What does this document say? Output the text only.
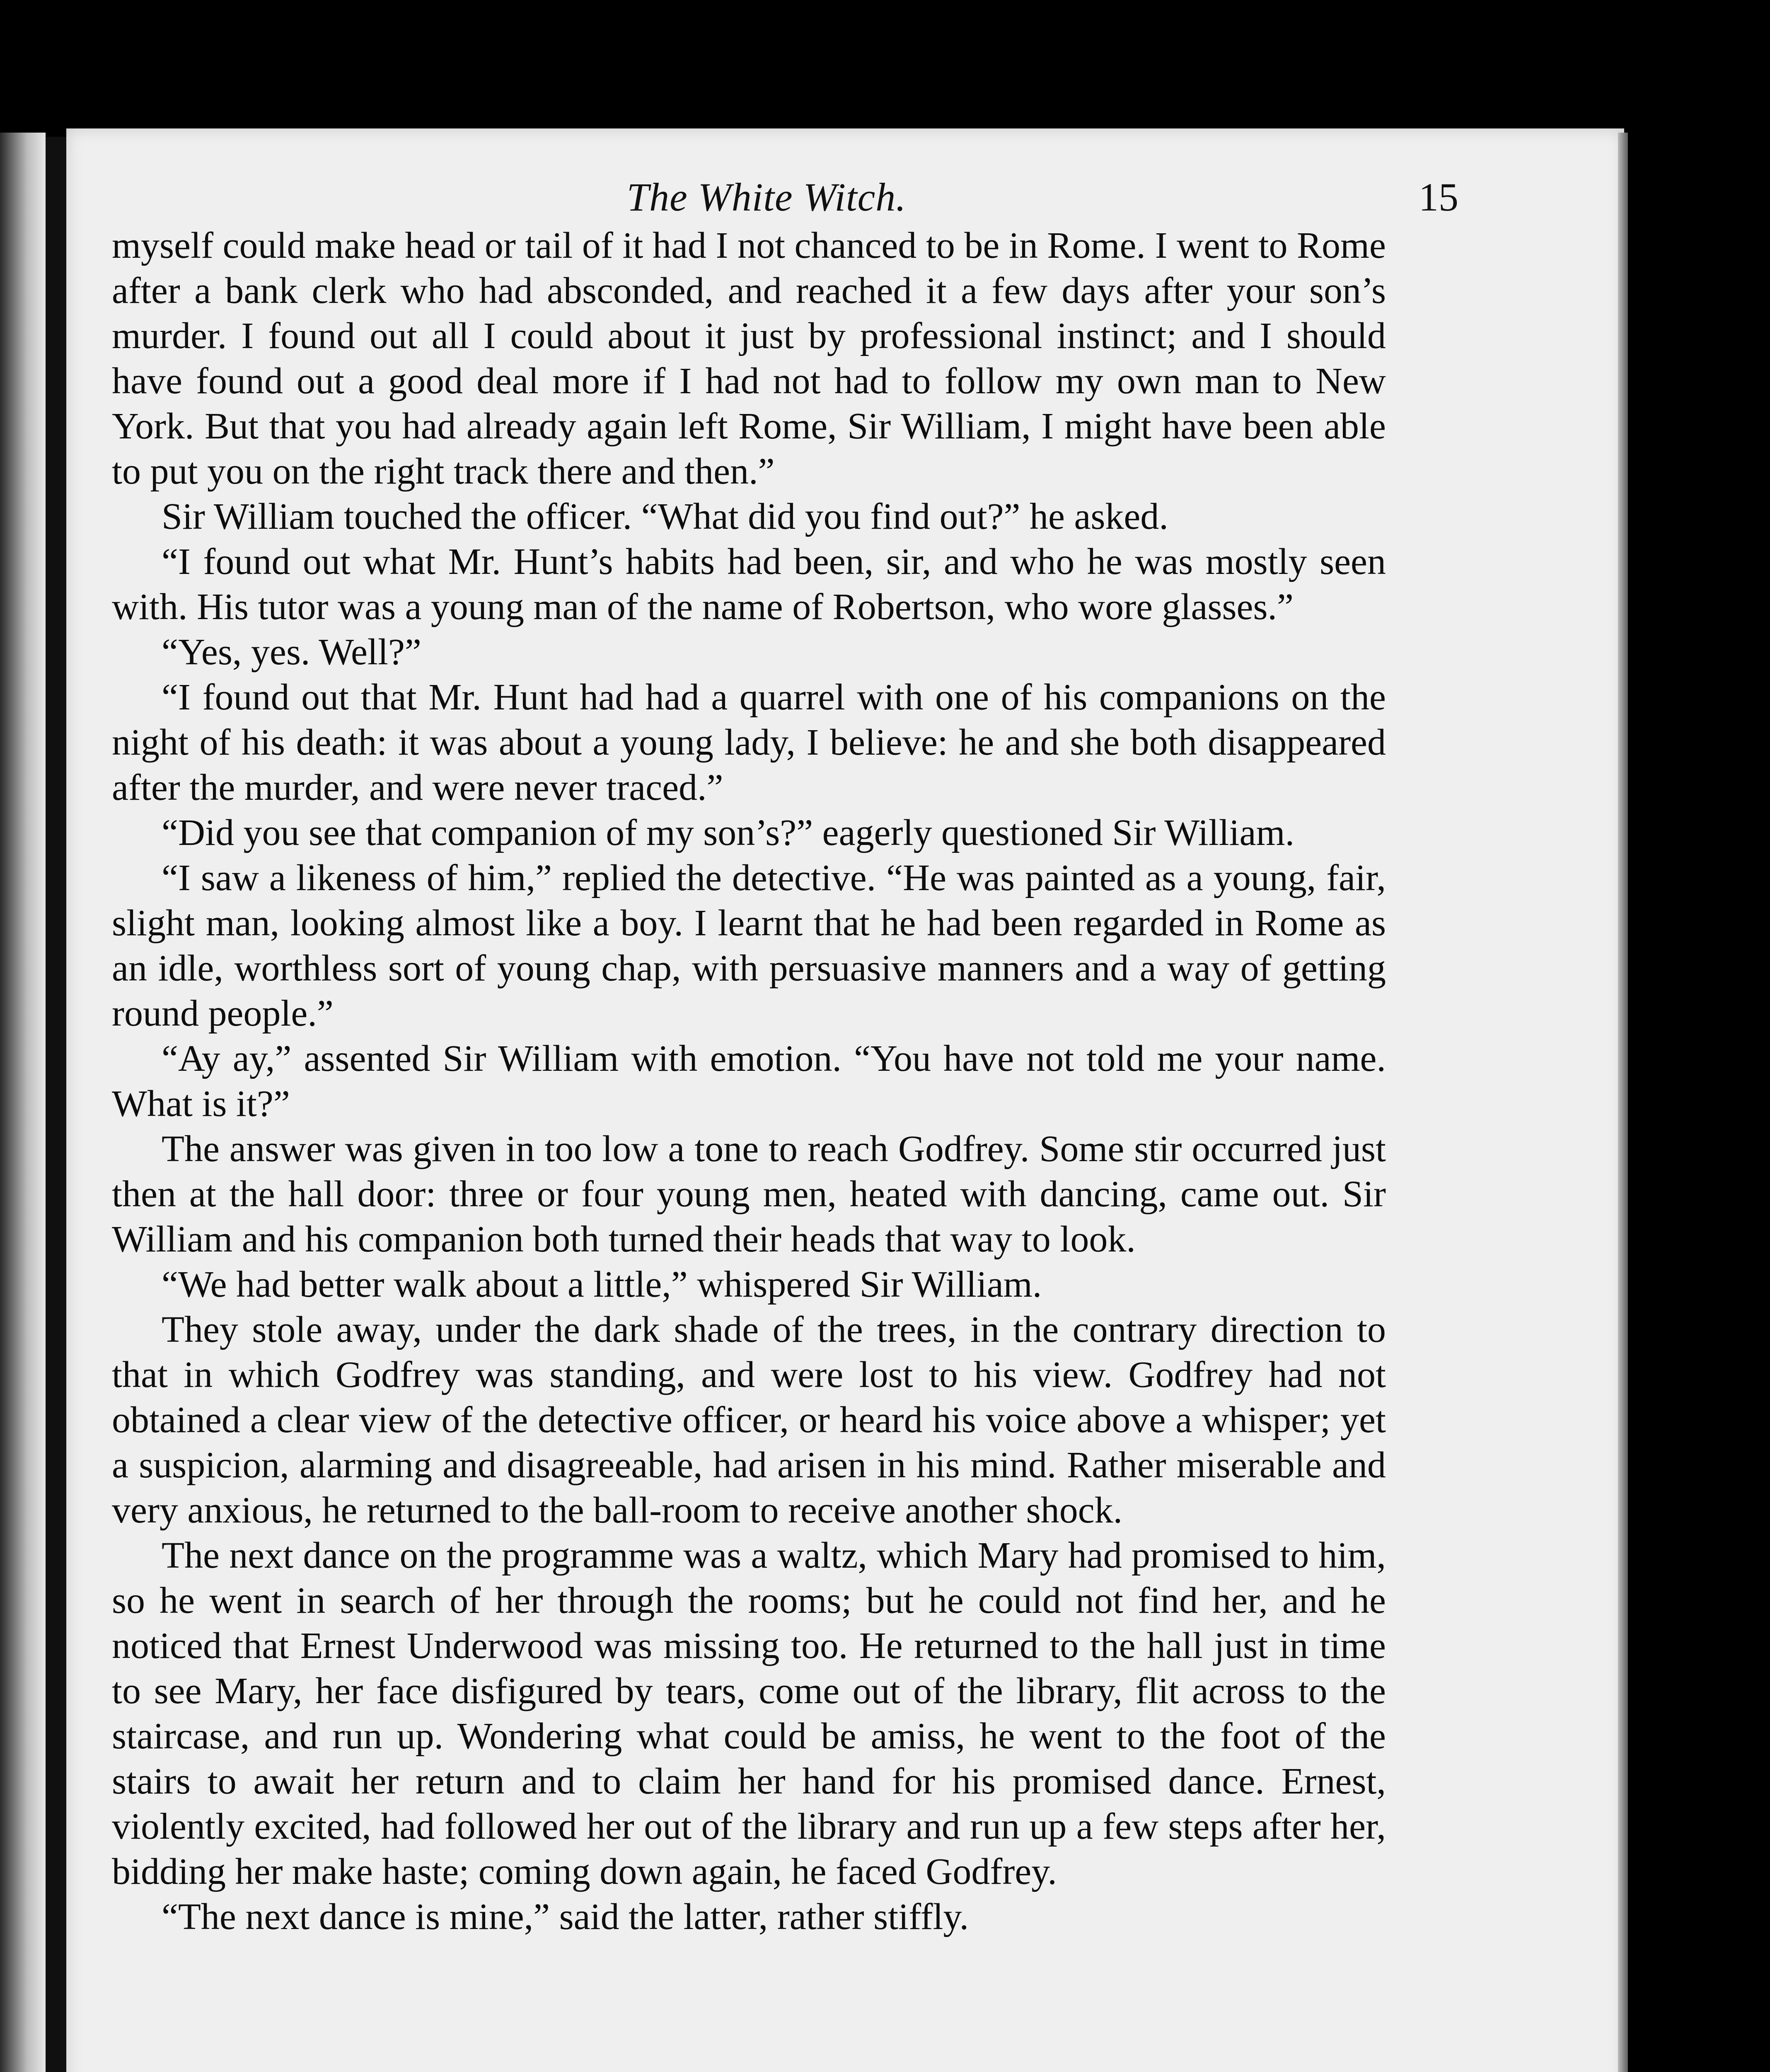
The White Witch.	15

myself could make head or tail of it had I not chanced to be in Rome. I went to Rome after a bank clerk who had absconded, and reached it a few days after your son’s murder. I found out all I could about it just by professional instinct; and I should have found out a good deal more if I had not had to follow my own man to New York. But that you had already again left Rome, Sir William, I might have been able to put you on the right track there and then.”

Sir William touched the officer. “What did you find out?” he asked.

“I found out what Mr. Hunt’s habits had been, sir, and who he was mostly seen with. His tutor was a young man of the name of Robertson, who wore glasses.”

“Yes, yes. Well?”

“I found out that Mr. Hunt had had a quarrel with one of his companions on the night of his death: it was about a young lady, I believe: he and she both disappeared after the murder, and were never traced.”

“Did you see that companion of my son’s?” eagerly questioned Sir William.

“I saw a likeness of him,” replied the detective. “He was painted as a young, fair, slight man, looking almost like a boy. I learnt that he had been regarded in Rome as an idle, worthless sort of young chap, with persuasive manners and a way of getting round people.”

“Ay ay,” assented Sir William with emotion. “You have not told me your name. What is it?”

The answer was given in too low a tone to reach Godfrey. Some stir occurred just then at the hall door: three or four young men, heated with dancing, came out. Sir William and his companion both turned their heads that way to look.

“We had better walk about a little,” whispered Sir William.

They stole away, under the dark shade of the trees, in the contrary direction to that in which Godfrey was standing, and were lost to his view. Godfrey had not obtained a clear view of the detective officer, or heard his voice above a whisper; yet a suspicion, alarming and disagreeable, had arisen in his mind. Rather miserable and very anxious, he returned to the ball-room to receive another shock.

The next dance on the programme was a waltz, which Mary had promised to him, so he went in search of her through the rooms; but he could not find her, and he noticed that Ernest Underwood was missing too. He returned to the hall just in time to see Mary, her face disfigured by tears, come out of the library, flit across to the staircase, and run up. Wondering what could be amiss, he went to the foot of the stairs to await her return and to claim her hand for his promised dance. Ernest, violently excited, had followed her out of the library and run up a few steps after her, bidding her make haste; coming down again, he faced Godfrey.

“The next dance is mine,” said the latter, rather stiffly.
